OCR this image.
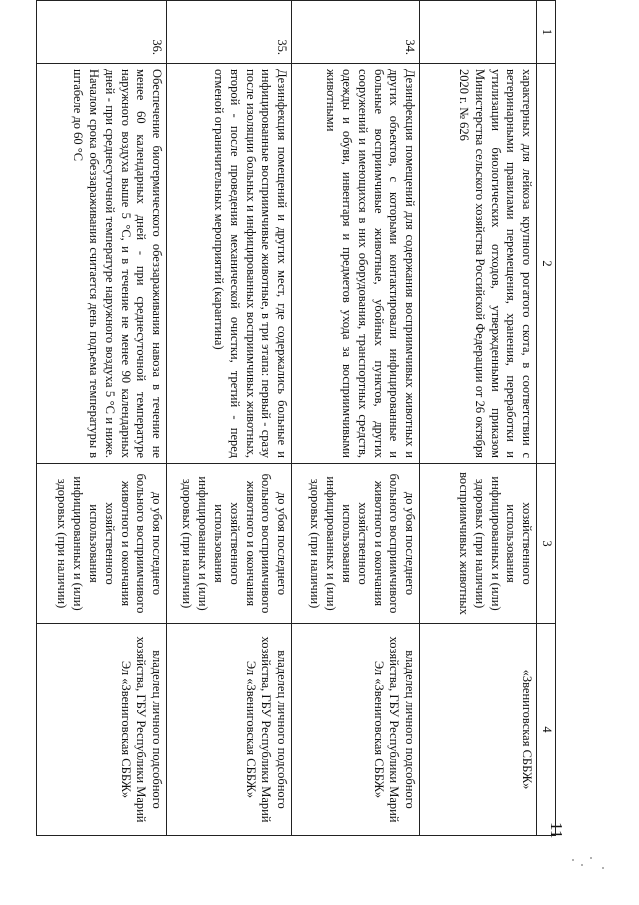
11
1	2	3	4
	характерных для лейкоза крупного рогатого скота, в соответствии с ветеринарными правилами перемещения, хранения, переработки и утилизации биологических отходов, утвержденными приказом Министерства сельского хозяйства Российской Федерации от 26 октября 2020 г. № 626	хозяйственного использования инфицированных и (или) здоровых (при наличии) восприимчивых животных	«Звениговская СББЖ»
34.	Дезинфекция помещений для содержания восприимчивых животных и других объектов, с которыми контактировали инфицированные и больные восприимчивые животные, убойных пунктов, других сооружений и имеющихся в них оборудования, транспортных средств, одежды и обуви, инвентаря и предметов ухода за восприимчивыми животными	до убоя последнего больного восприимчивого животного и окончания хозяйственного использования инфицированных и (или) здоровых (при наличии)	владелец личного подсобного хозяйства, ГБУ Республики Марий Эл «Звениговская СББЖ»
35.	Дезинфекция помещений и других мест, где содержались больные и инфицированные восприимчивые животные, в три этапа: первый - сразу после изоляции больных и инфицированных восприимчивых животных, второй - после проведения механической очистки, третий - перед отменой ограничительных мероприятий (карантина)	до убоя последнего больного восприимчивого животного и окончания хозяйственного использования инфицированных и (или) здоровых (при наличии)	владелец личного подсобного хозяйства, ГБУ Республики Марий Эл «Звениговская СББЖ»
36.	Обеспечение биотермического обеззараживания навоза в течение не менее 60 календарных дней - при среднесуточной температуре наружного воздуха выше 5 °С, и в течение не менее 90 календарных дней - при среднесуточной температуре наружного воздуха 5 °С и ниже. Началом срока обеззараживания считается день подъема температуры в штабеле до 60 °С	до убоя последнего больного восприимчивого животного и окончания хозяйственного использования инфицированных и (или) здоровых (при наличии)	владелец личного подсобного хозяйства, ГБУ Республики Марий Эл «Звениговская СББЖ»
